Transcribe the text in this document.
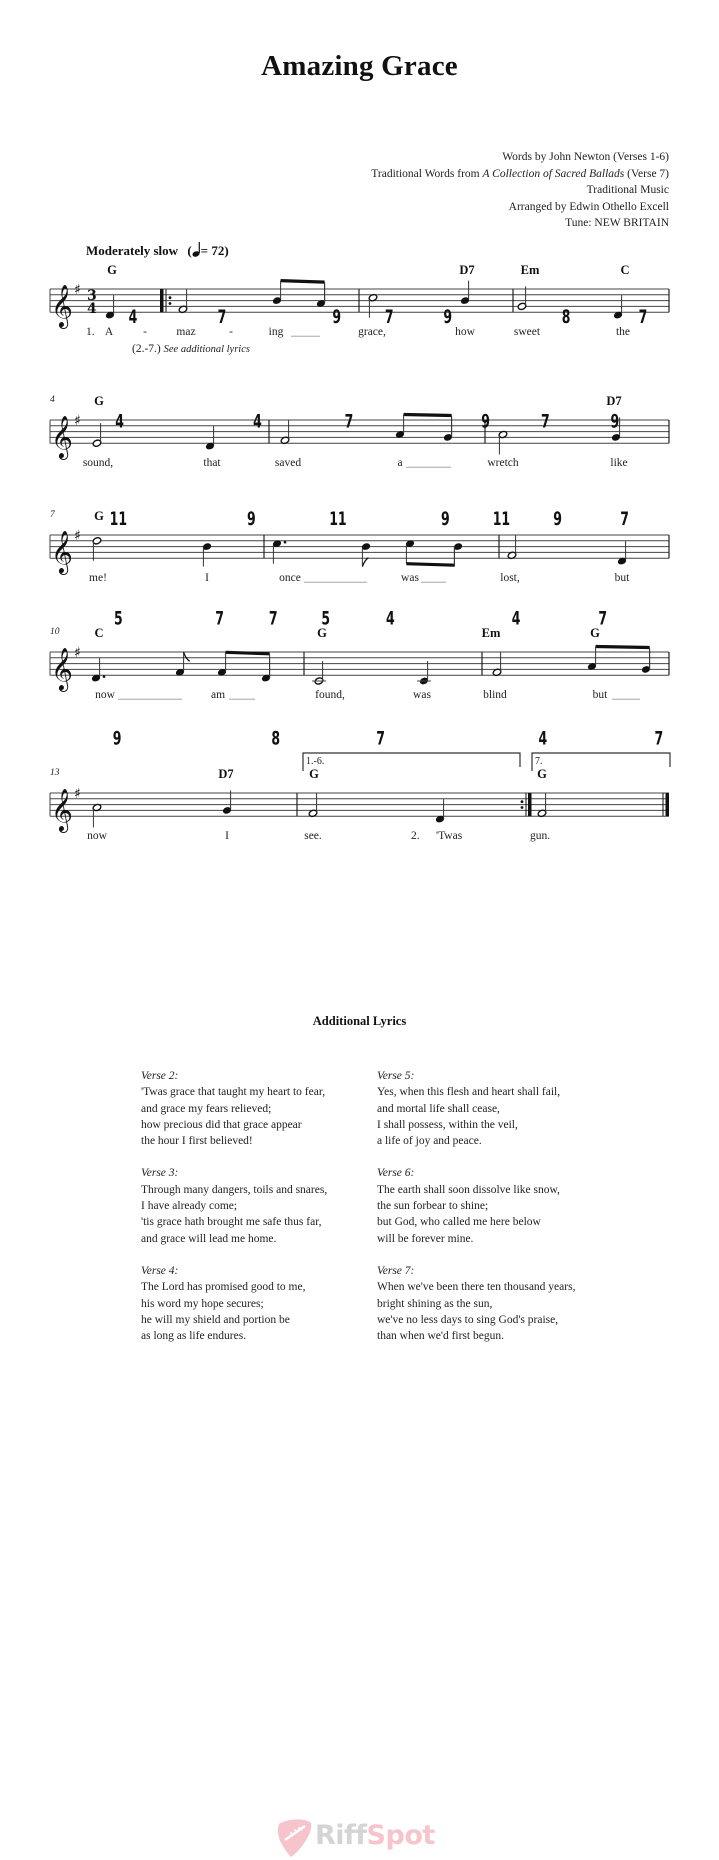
Amazing Grace
Words by John Newton (Verses 1-6)
Traditional Words from A Collection of Sacred Ballads (Verse 7)
Traditional Music
Arranged by Edwin Othello Excell
Tune: NEW BRITAIN
Moderately slow ( = 72)
𝄞 ♯ 3
4
G	D7	Em	C
1. A	-	maz	-	ing	grace,	how	sweet	the
(2.-7.) See additional lyrics
4	7	9	7	9	8	7
𝄞 ♯
4	G	D7
sound,	that	saved	a	wretch	like
4	4	7	9	7	9
𝄞 ♯
7	G
me!	I	once	was	lost,	but
11	9	11	9	11	9	7
𝄞 ♯
10	C	G	Em	G
now	am	found,	was	blind	but
5	7	7	5	4	4	7
𝄞 ♯
13
1.-6.	7.
D7	G	G
now	I	see.	2. 'Twas	gun.
9	8	7	4	7
Additional Lyrics
Verse 2:
'Twas grace that taught my heart to fear,
and grace my fears relieved;
how precious did that grace appear
the hour I first believed!
Verse 3:
Through many dangers, toils and snares,
I have already come;
'tis grace hath brought me safe thus far,
and grace will lead me home.
Verse 4:
The Lord has promised good to me,
his word my hope secures;
he will my shield and portion be
as long as life endures.
Verse 5:
Yes, when this flesh and heart shall fail,
and mortal life shall cease,
I shall possess, within the veil,
a life of joy and peace.
Verse 6:
The earth shall soon dissolve like snow,
the sun forbear to shine;
but God, who called me here below
will be forever mine.
Verse 7:
When we've been there ten thousand years,
bright shining as the sun,
we've no less days to sing God's praise,
than when we'd first begun.
RiffSpot
